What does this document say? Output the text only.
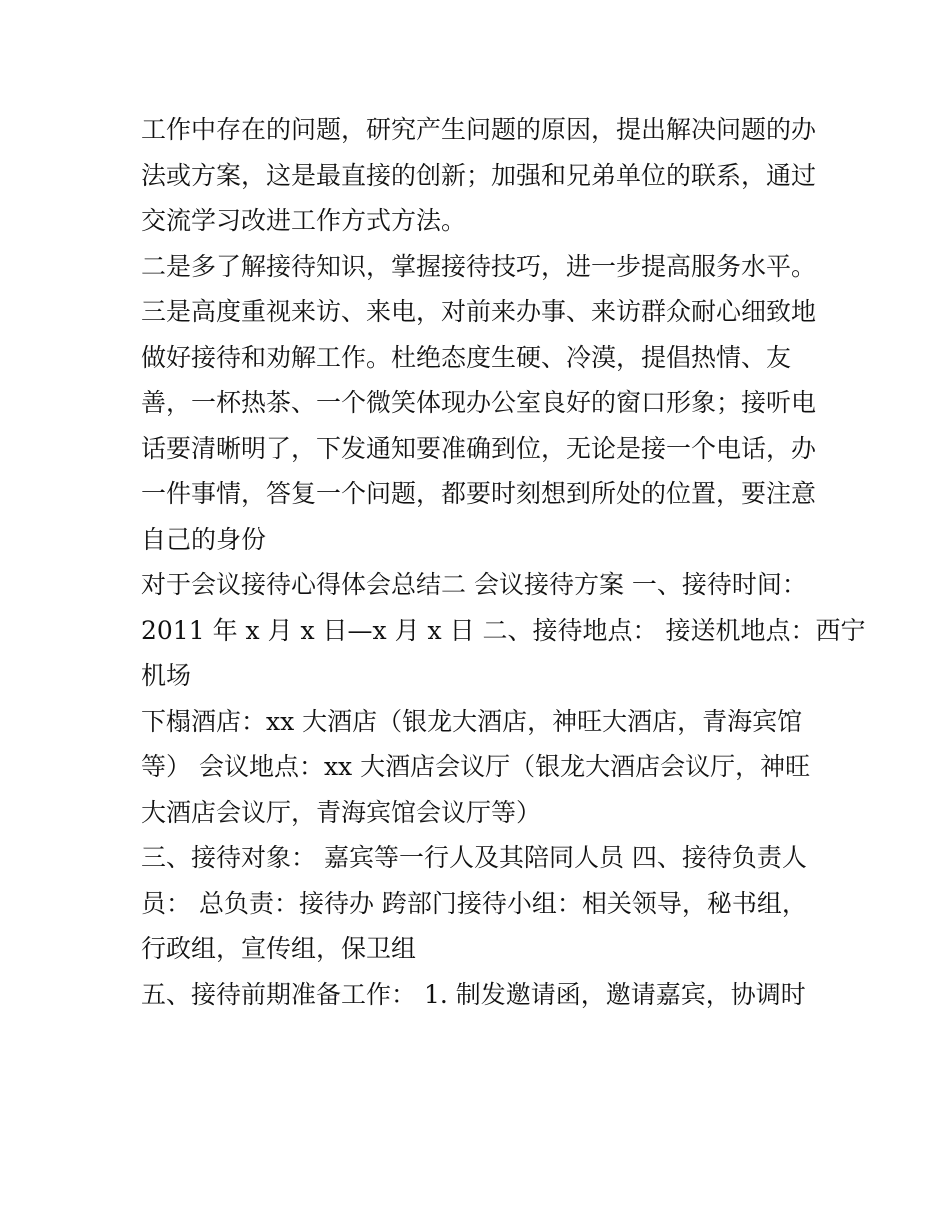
工作中存在的问题，研究产生问题的原因，提出解决问题的办
法或方案，这是最直接的创新；加强和兄弟单位的联系，通过
交流学习改进工作方式方法。
二是多了解接待知识，掌握接待技巧，进一步提高服务水平。
三是高度重视来访、来电，对前来办事、来访群众耐心细致地
做好接待和劝解工作。杜绝态度生硬、冷漠，提倡热情、友
善，一杯热茶、一个微笑体现办公室良好的窗口形象；接听电
话要清晰明了，下发通知要准确到位，无论是接一个电话，办
一件事情，答复一个问题，都要时刻想到所处的位置，要注意
自己的身份
对于会议接待心得体会总结二 会议接待方案 一、接待时间：
2011 年 x 月 x 日—x 月 x 日 二、接待地点： 接送机地点：西宁
机场
下榻酒店：xx 大酒店（银龙大酒店，神旺大酒店，青海宾馆
等） 会议地点：xx 大酒店会议厅（银龙大酒店会议厅，神旺
大酒店会议厅，青海宾馆会议厅等）
三、接待对象： 嘉宾等一行人及其陪同人员 四、接待负责人
员： 总负责：接待办 跨部门接待小组：相关领导，秘书组，
行政组，宣传组，保卫组
五、接待前期准备工作： 1. 制发邀请函，邀请嘉宾，协调时
